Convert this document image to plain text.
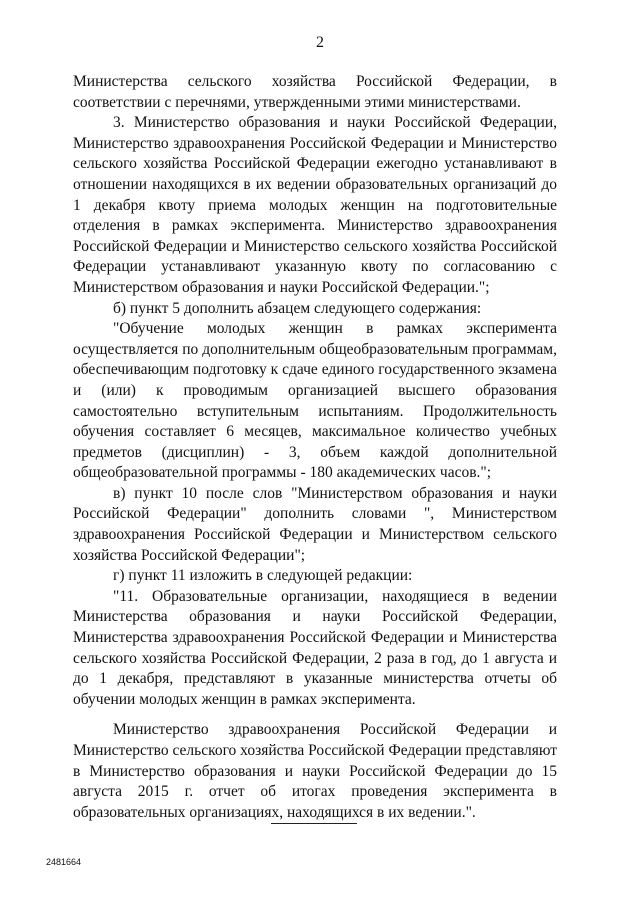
2

Министерства сельского хозяйства Российской Федерации, в соответствии с перечнями, утвержденными этими министерствами.

3. Министерство образования и науки Российской Федерации, Министерство здравоохранения Российской Федерации и Министерство сельского хозяйства Российской Федерации ежегодно устанавливают в отношении находящихся в их ведении образовательных организаций до 1 декабря квоту приема молодых женщин на подготовительные отделения в рамках эксперимента. Министерство здравоохранения Российской Федерации и Министерство сельского хозяйства Российской Федерации устанавливают указанную квоту по согласованию с Министерством образования и науки Российской Федерации.";

б) пункт 5 дополнить абзацем следующего содержания:

"Обучение молодых женщин в рамках эксперимента осуществляется по дополнительным общеобразовательным программам, обеспечивающим подготовку к сдаче единого государственного экзамена и (или) к проводимым организацией высшего образования самостоятельно вступительным испытаниям. Продолжительность обучения составляет 6 месяцев, максимальное количество учебных предметов (дисциплин) - 3, объем каждой дополнительной общеобразовательной программы - 180 академических часов.";

в) пункт 10 после слов "Министерством образования и науки Российской Федерации" дополнить словами ", Министерством здравоохранения Российской Федерации и Министерством сельского хозяйства Российской Федерации";

г) пункт 11 изложить в следующей редакции:

"11. Образовательные организации, находящиеся в ведении Министерства образования и науки Российской Федерации, Министерства здравоохранения Российской Федерации и Министерства сельского хозяйства Российской Федерации, 2 раза в год, до 1 августа и до 1 декабря, представляют в указанные министерства отчеты об обучении молодых женщин в рамках эксперимента.

Министерство здравоохранения Российской Федерации и Министерство сельского хозяйства Российской Федерации представляют в Министерство образования и науки Российской Федерации до 15 августа 2015 г. отчет об итогах проведения эксперимента в образовательных организациях, находящихся в их ведении.".

2481664
